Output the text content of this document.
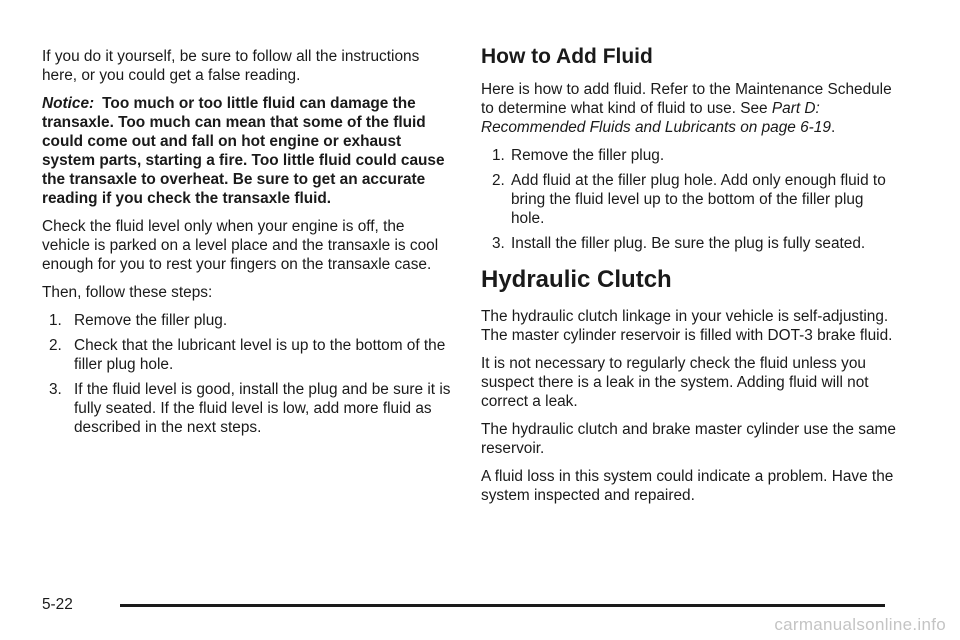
If you do it yourself, be sure to follow all the instructions here, or you could get a false reading.

Notice: Too much or too little fluid can damage the transaxle. Too much can mean that some of the fluid could come out and fall on hot engine or exhaust system parts, starting a fire. Too little fluid could cause the transaxle to overheat. Be sure to get an accurate reading if you check the transaxle fluid.

Check the fluid level only when your engine is off, the vehicle is parked on a level place and the transaxle is cool enough for you to rest your fingers on the transaxle case.

Then, follow these steps:

1. Remove the filler plug.
2. Check that the lubricant level is up to the bottom of the filler plug hole.
3. If the fluid level is good, install the plug and be sure it is fully seated. If the fluid level is low, add more fluid as described in the next steps.
How to Add Fluid

Here is how to add fluid. Refer to the Maintenance Schedule to determine what kind of fluid to use. See Part D: Recommended Fluids and Lubricants on page 6-19.

1. Remove the filler plug.
2. Add fluid at the filler plug hole. Add only enough fluid to bring the fluid level up to the bottom of the filler plug hole.
3. Install the filler plug. Be sure the plug is fully seated.
Hydraulic Clutch

The hydraulic clutch linkage in your vehicle is self-adjusting. The master cylinder reservoir is filled with DOT-3 brake fluid.

It is not necessary to regularly check the fluid unless you suspect there is a leak in the system. Adding fluid will not correct a leak.

The hydraulic clutch and brake master cylinder use the same reservoir.

A fluid loss in this system could indicate a problem. Have the system inspected and repaired.

5-22
carmanualsonline.info
